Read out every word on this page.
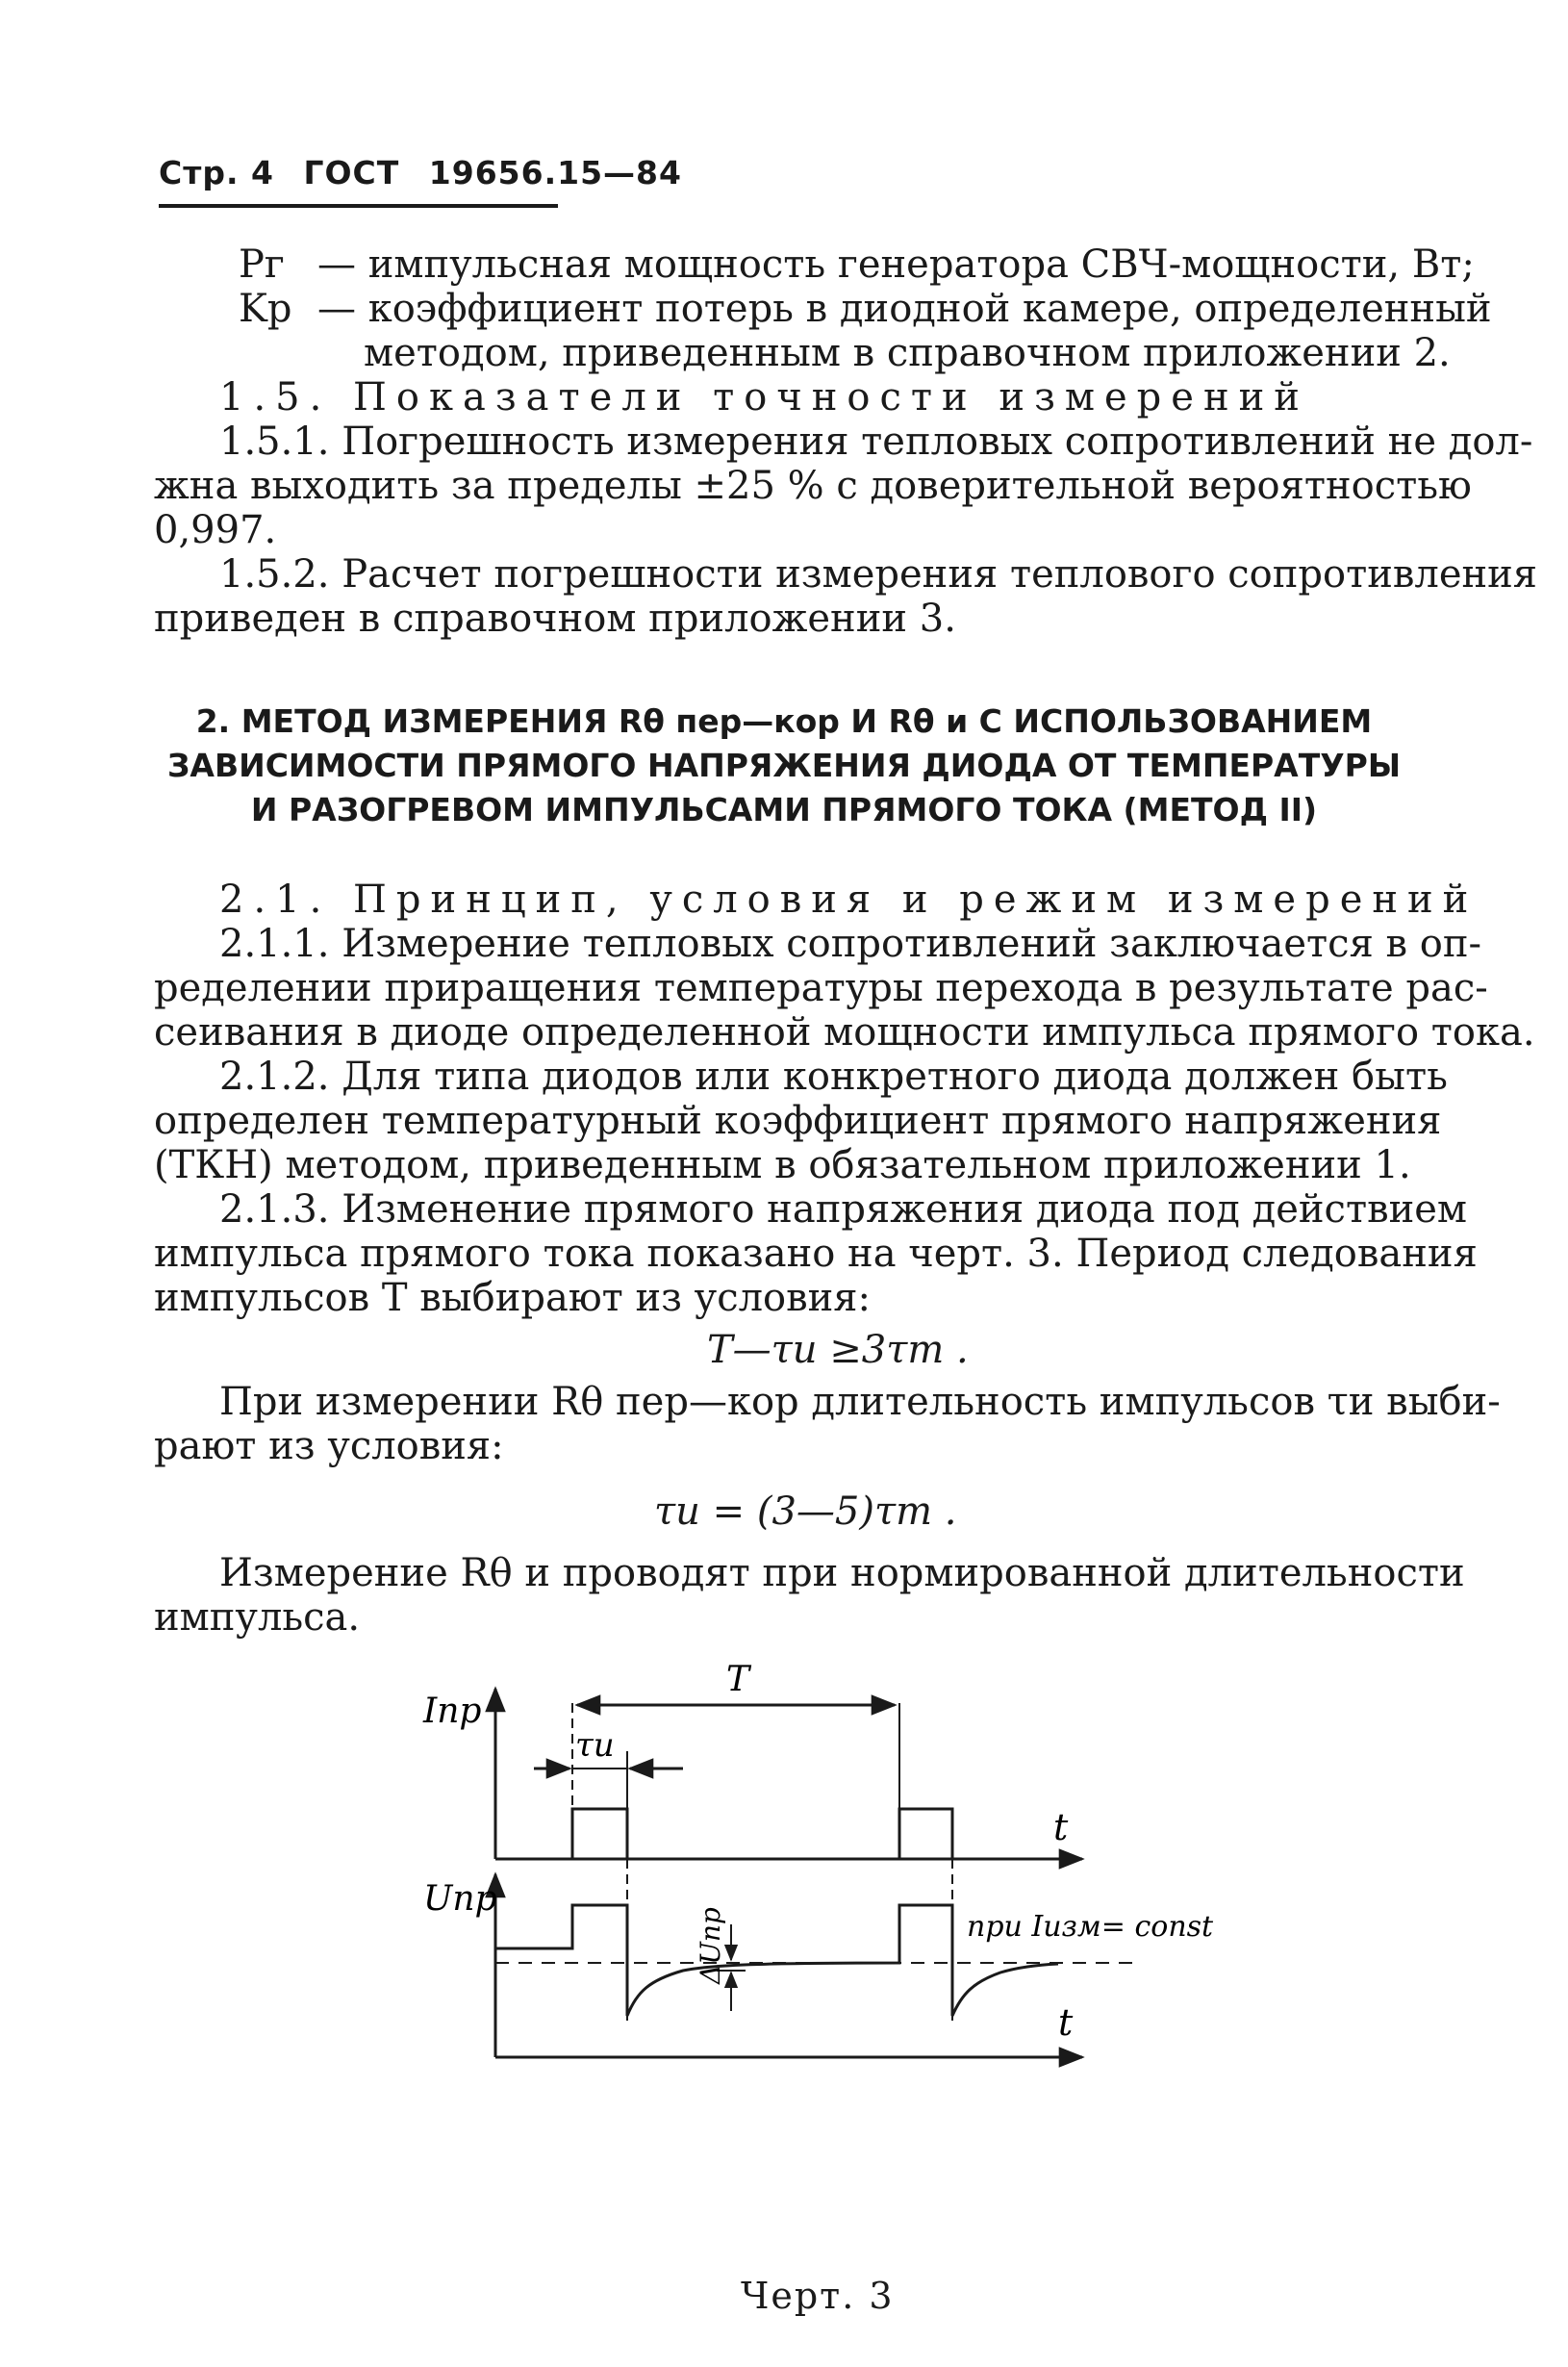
Стр. 4 ГОСТ 19656.15—84
Pг — импульсная мощность генератора СВЧ-мощности, Вт;
Kp — коэффициент потерь в диодной камере, определенный
методом, приведенным в справочном приложении 2.
1.5. Показатели точности измерений
1.5.1. Погрешность измерения тепловых сопротивлений не дол-
жна выходить за пределы ±25 % с доверительной вероятностью
0,997.
1.5.2. Расчет погрешности измерения теплового сопротивления
приведен в справочном приложении 3.
2. МЕТОД ИЗМЕРЕНИЯ Rθ пер—кор И Rθ и С ИСПОЛЬЗОВАНИЕМ
ЗАВИСИМОСТИ ПРЯМОГО НАПРЯЖЕНИЯ ДИОДА ОТ ТЕМПЕРАТУРЫ
И РАЗОГРЕВОМ ИМПУЛЬСАМИ ПРЯМОГО ТОКА (МЕТОД II)
2.1. Принцип, условия и режим измерений
2.1.1. Измерение тепловых сопротивлений заключается в оп-
ределении приращения температуры перехода в результате рас-
сеивания в диоде определенной мощности импульса прямого тока.
2.1.2. Для типа диодов или конкретного диода должен быть
определен температурный коэффициент прямого напряжения
(ТКН) методом, приведенным в обязательном приложении 1.
2.1.3. Изменение прямого напряжения диода под действием
импульса прямого тока показано на черт. 3. Период следования
импульсов T выбирают из условия:
T—τи ≥3τт .
При измерении Rθ пер—кор длительность импульсов τи выби-
рают из условия:
τи = (3—5)τт .
Измерение Rθ и проводят при нормированной длительности
импульса.
Iпр
Uпр
T
τи
t
t
ΔUпр	при Iизм= const
Черт. 3
